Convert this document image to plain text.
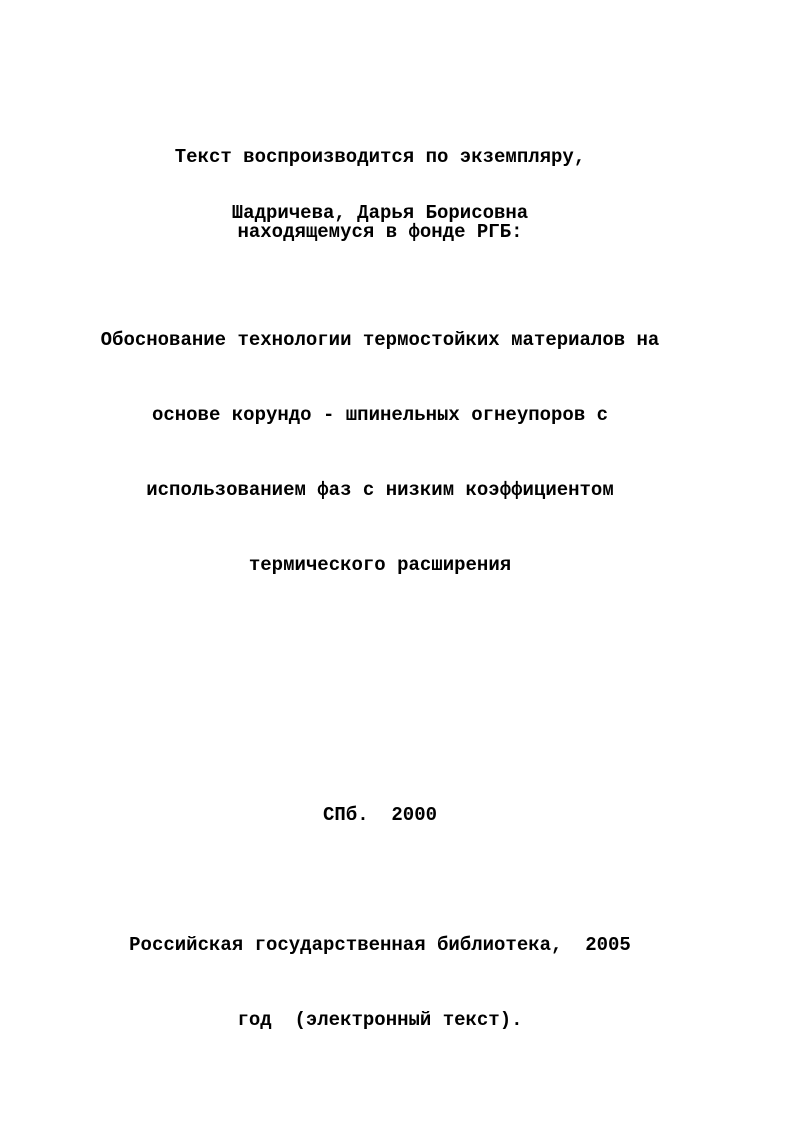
Текст воспроизводится по экземпляру,

находящемуся в фонде РГБ:

Шадричева, Дарья Борисовна

Обоснование технологии термостойких материалов на

основе корундо - шпинельных огнеупоров с

использованием фаз с низким коэффициентом

термического расширения

СПб.  2000

Российская государственная библиотека,  2005

год  (электронный текст).
